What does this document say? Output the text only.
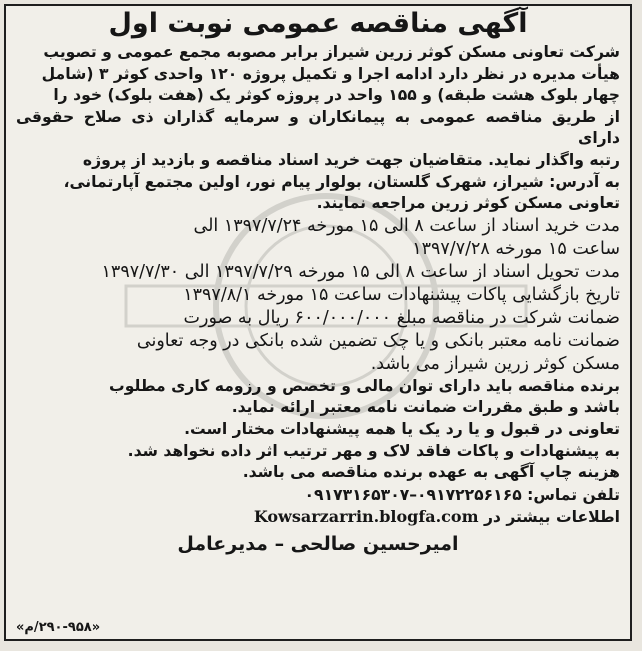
آگهی مناقصه عمومی نوبت اول
شرکت تعاونی مسکن کوثر زرین شیراز برابر مصوبه مجمع عمومی و تصویب
هیأت مدیره در نظر دارد ادامه اجرا و تکمیل پروژه ۱۲۰ واحدی کوثر ۳ (شامل
چهار بلوک هشت طبقه) و ۱۵۵ واحد در پروژه کوثر یک (هفت بلوک) خود را
از طریق مناقصه عمومی به پیمانکاران و سرمایه گذاران ذی صلاح حقوقی دارای
رتبه واگذار نماید. متقاضیان جهت خرید اسناد مناقصه و بازدید از پروژه
به آدرس: شیراز، شهرک گلستان، بولوار پیام نور، اولین مجتمع آپارتمانی،
تعاونی مسکن کوثر زرین مراجعه نمایند.
مدت خرید اسناد از ساعت ۸ الی ۱۵ مورخه ۱۳۹۷/۷/۲۴ الی
ساعت ۱۵ مورخه ۱۳۹۷/۷/۲۸
مدت تحویل اسناد از ساعت ۸ الی ۱۵ مورخه ۱۳۹۷/۷/۲۹ الی ۱۳۹۷/۷/۳۰
تاریخ بازگشایی پاکات پیشنهادات ساعت ۱۵ مورخه ۱۳۹۷/۸/۱
ضمانت شرکت در مناقصه مبلغ ۶۰۰/۰۰۰/۰۰۰ ریال به صورت
ضمانت نامه معتبر بانکی و یا چک تضمین شده بانکی در وجه تعاونی
مسکن کوثر زرین شیراز می باشد.
برنده مناقصه باید دارای توان مالی و تخصص و رزومه کاری مطلوب
باشد و طبق مقررات ضمانت نامه معتبر ارائه نماید.
تعاونی در قبول و یا رد یک یا همه پیشنهادات مختار است.
به پیشنهادات و پاکات فاقد لاک و مهر ترتیب اثر داده نخواهد شد.
هزینه چاپ آگهی به عهده برنده مناقصه می باشد.
تلفن تماس: ۰۹۱۷۲۲۵۶۱۶۵–۰۹۱۷۳۱۶۵۳۰۷
اطلاعات بیشتر در Kowsarzarrin.blogfa.com
امیرحسین صالحی – مدیرعامل
«۲۹۰-۹۵۸/م»
